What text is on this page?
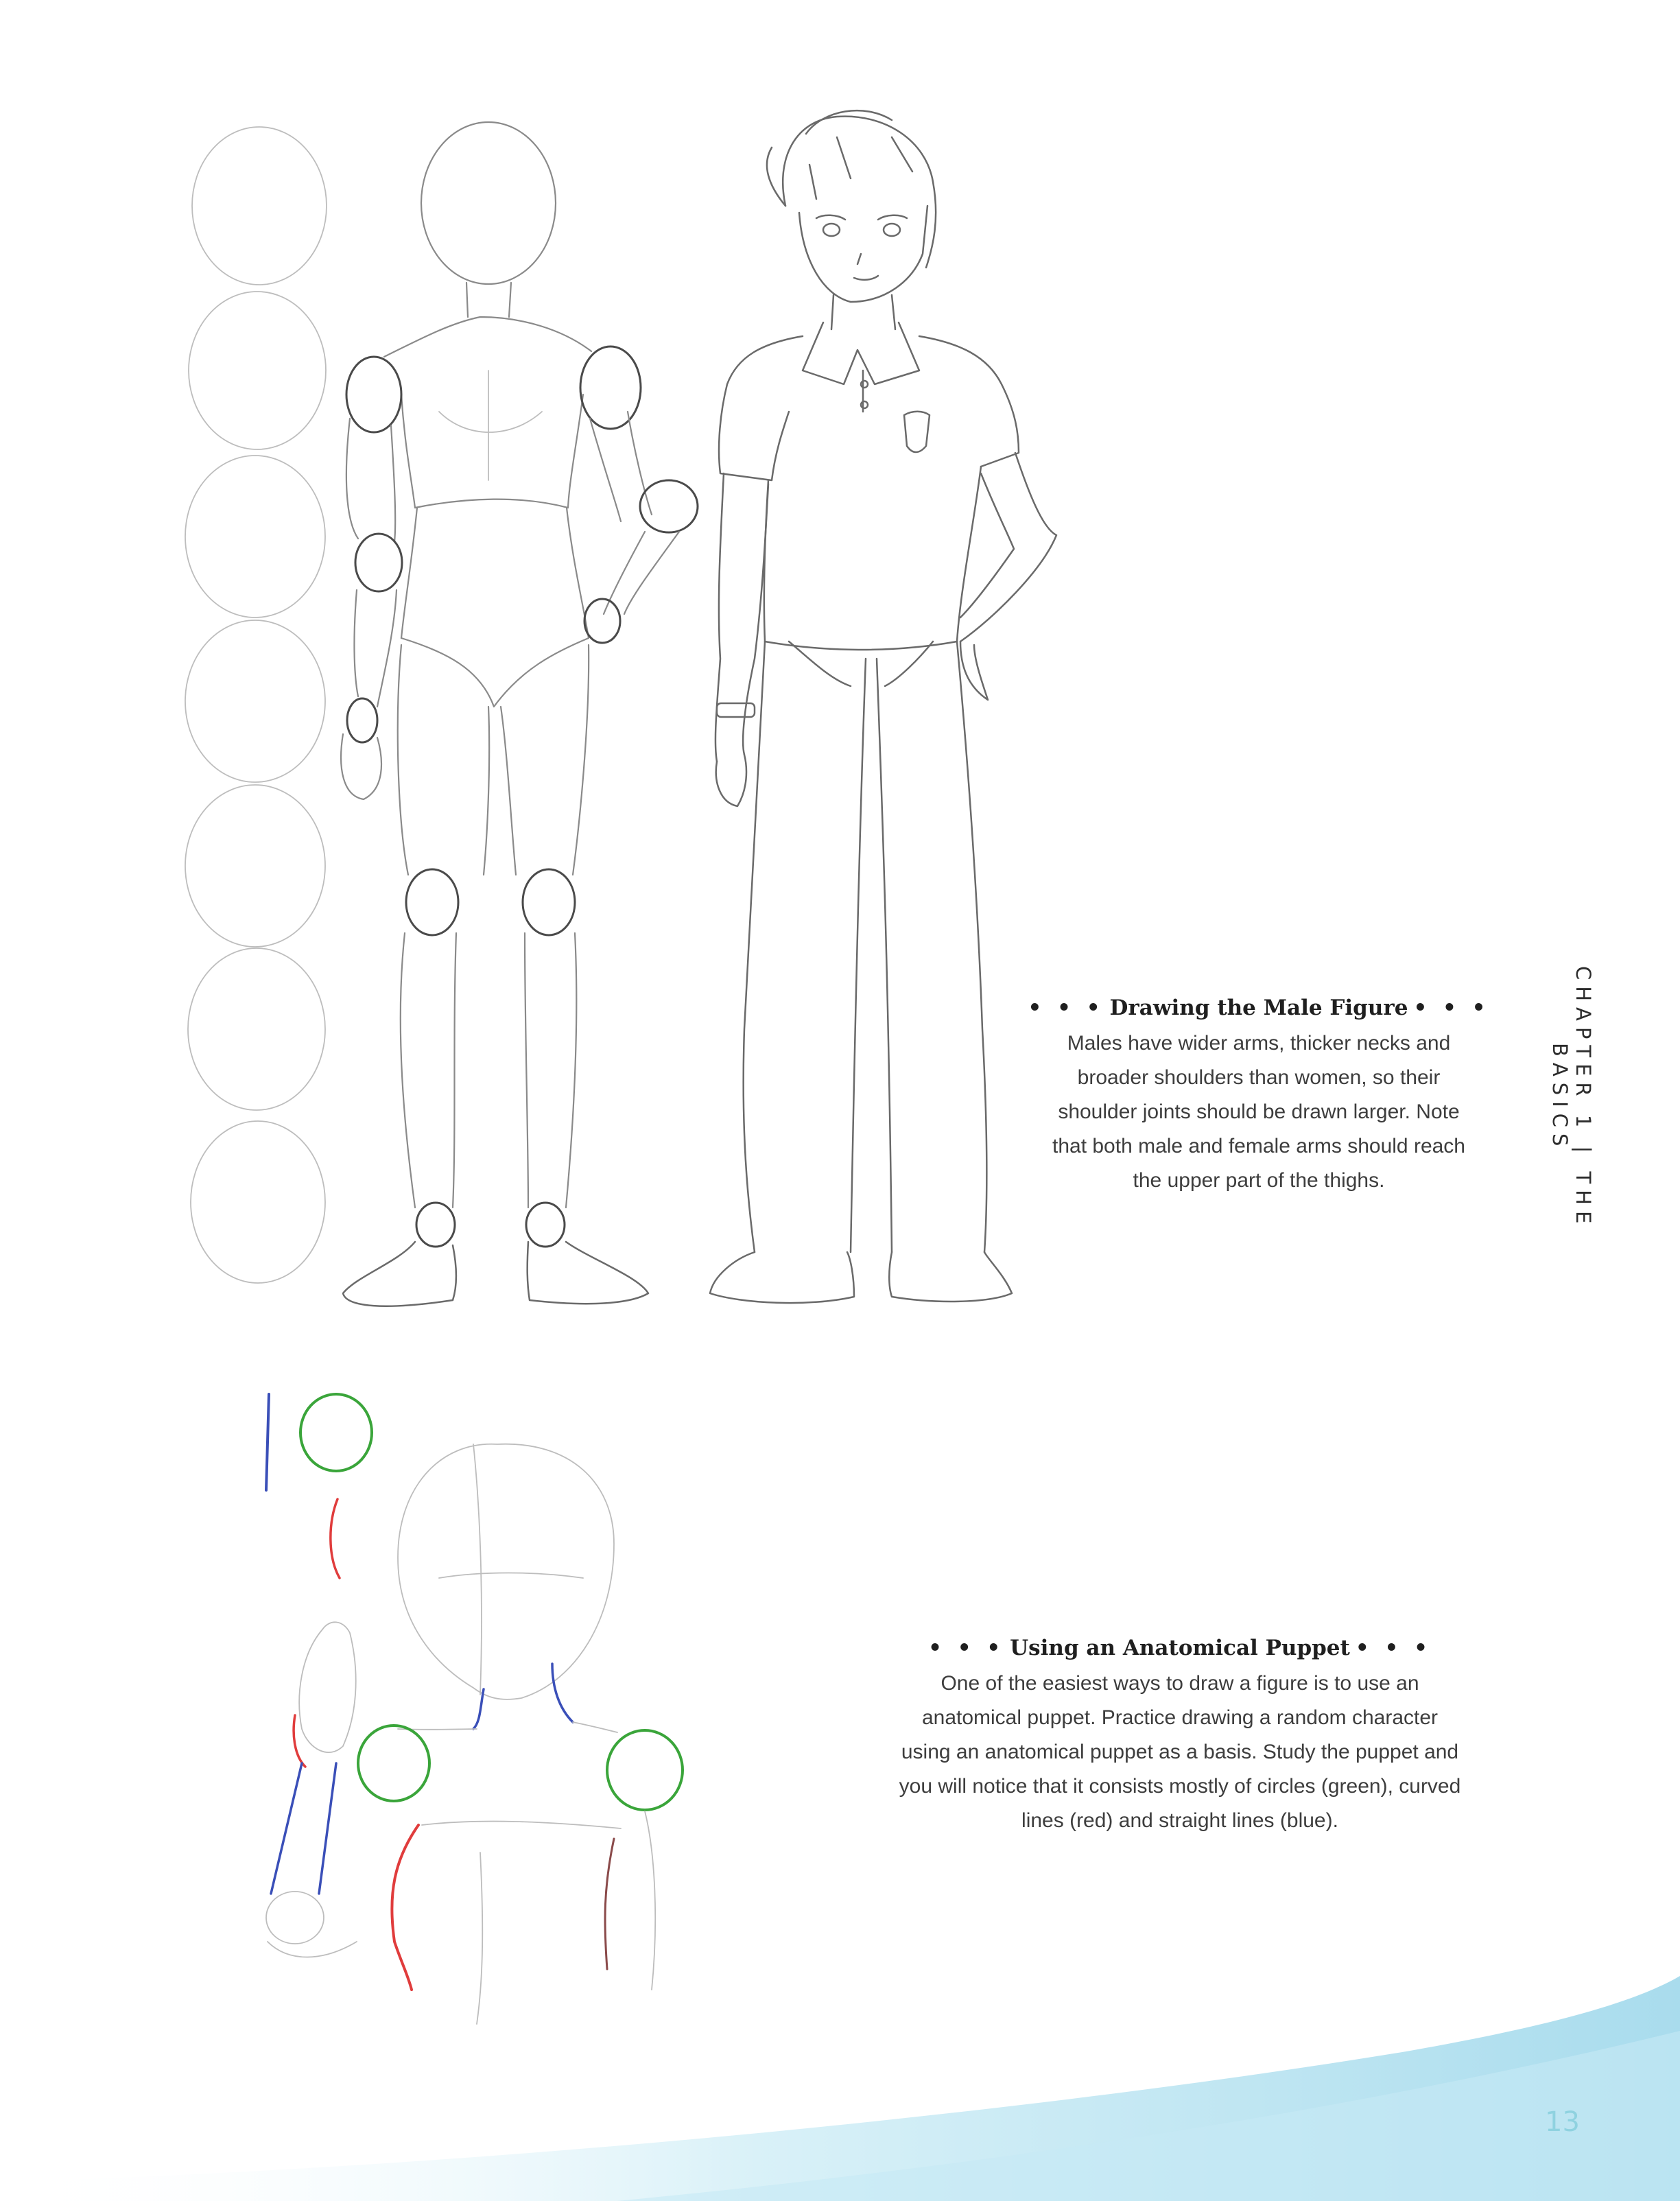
• • • Drawing the Male Figure • • •

Males have wider arms, thicker necks and

broader shoulders than women, so their

shoulder joints should be drawn larger. Note

that both male and female arms should reach

the upper part of the thighs.

• • • Using an Anatomical Puppet • • •

One of the easiest ways to draw a figure is to use an

anatomical puppet. Practice drawing a random character

using an anatomical puppet as a basis. Study the puppet and

you will notice that it consists mostly of circles (green), curved

lines (red) and straight lines (blue).

CHAPTER 1 | THE BASICS
13
